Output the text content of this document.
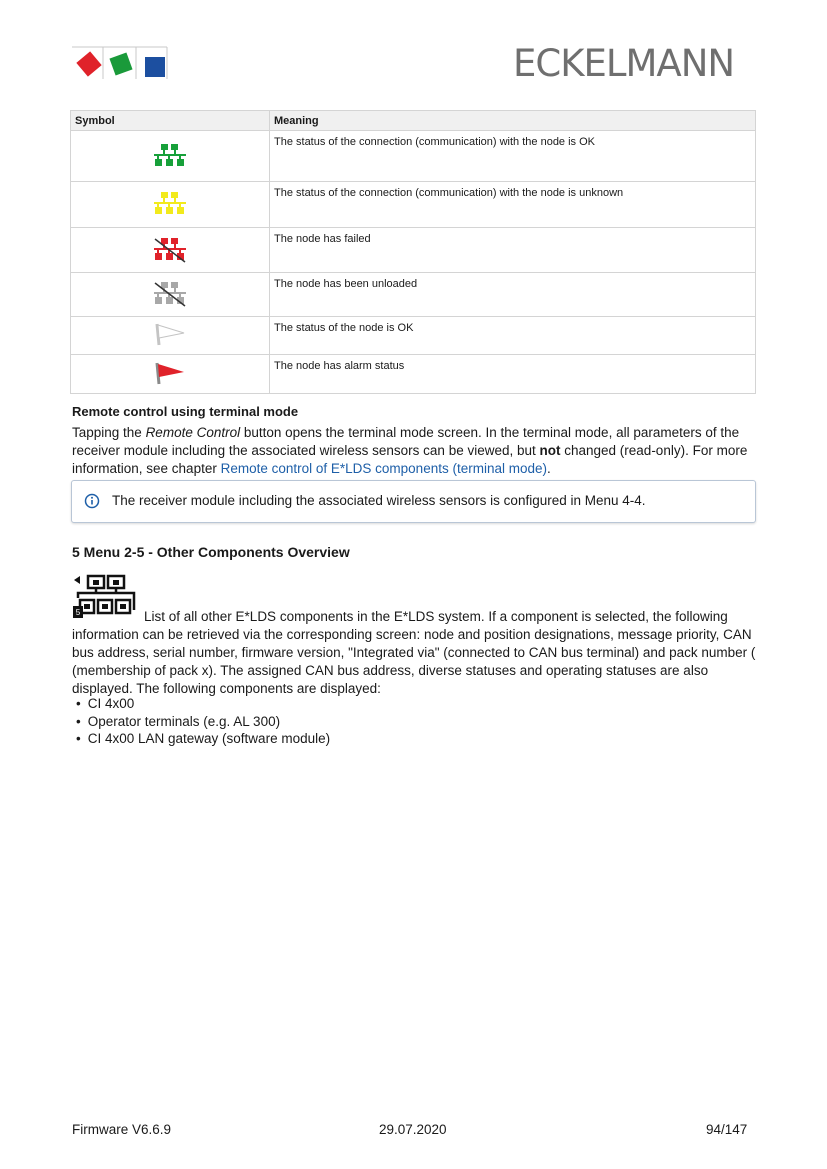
ECKELMANN
Symbol	Meaning
	The status of the connection (communication) with the node is OK
	The status of the connection (communication) with the node is unknown
	The node has failed
	The node has been unloaded
	The status of the node is OK
	The node has alarm status
Remote control using terminal mode
Tapping the Remote Control button opens the terminal mode screen. In the terminal mode, all parameters of the receiver module including the associated wireless sensors can be viewed, but not changed (read-only). For more information, see chapter Remote control of E*LDS components (terminal mode).
The receiver module including the associated wireless sensors is configured in Menu 4-4.
5 Menu 2-5 - Other Components Overview
5	List of all other E*LDS components in the E*LDS system. If a component is selected, the following information can be retrieved via the corresponding screen: node and position designations, message priority, CAN bus address, serial number, firmware version, "Integrated via" (connected to CAN bus terminal) and pack number ( (membership of pack x). The assigned CAN bus address, diverse statuses and operating statuses are also displayed. The following components are displayed:
• CI 4x00
• Operator terminals (e.g. AL 300)
• CI 4x00 LAN gateway (software module)
Firmware V6.6.9	29.07.2020	94/147
